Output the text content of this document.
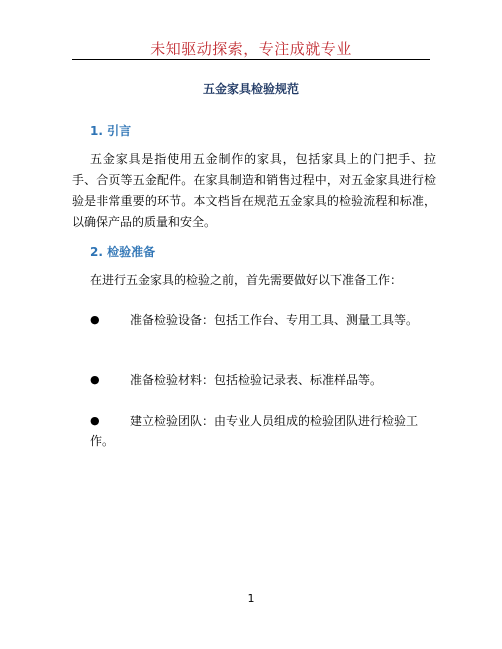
未知驱动探索，专注成就专业
五金家具检验规范
1. 引言
五金家具是指使用五金制作的家具，包括家具上的门把手、拉手、合页等五金配件。在家具制造和销售过程中，对五金家具进行检验是非常重要的环节。本文档旨在规范五金家具的检验流程和标准，以确保产品的质量和安全。
2. 检验准备
在进行五金家具的检验之前，首先需要做好以下准备工作：
●	准备检验设备：包括工作台、专用工具、测量工具等。
●	准备检验材料：包括检验记录表、标准样品等。
●	建立检验团队：由专业人员组成的检验团队进行检验工作。
1
